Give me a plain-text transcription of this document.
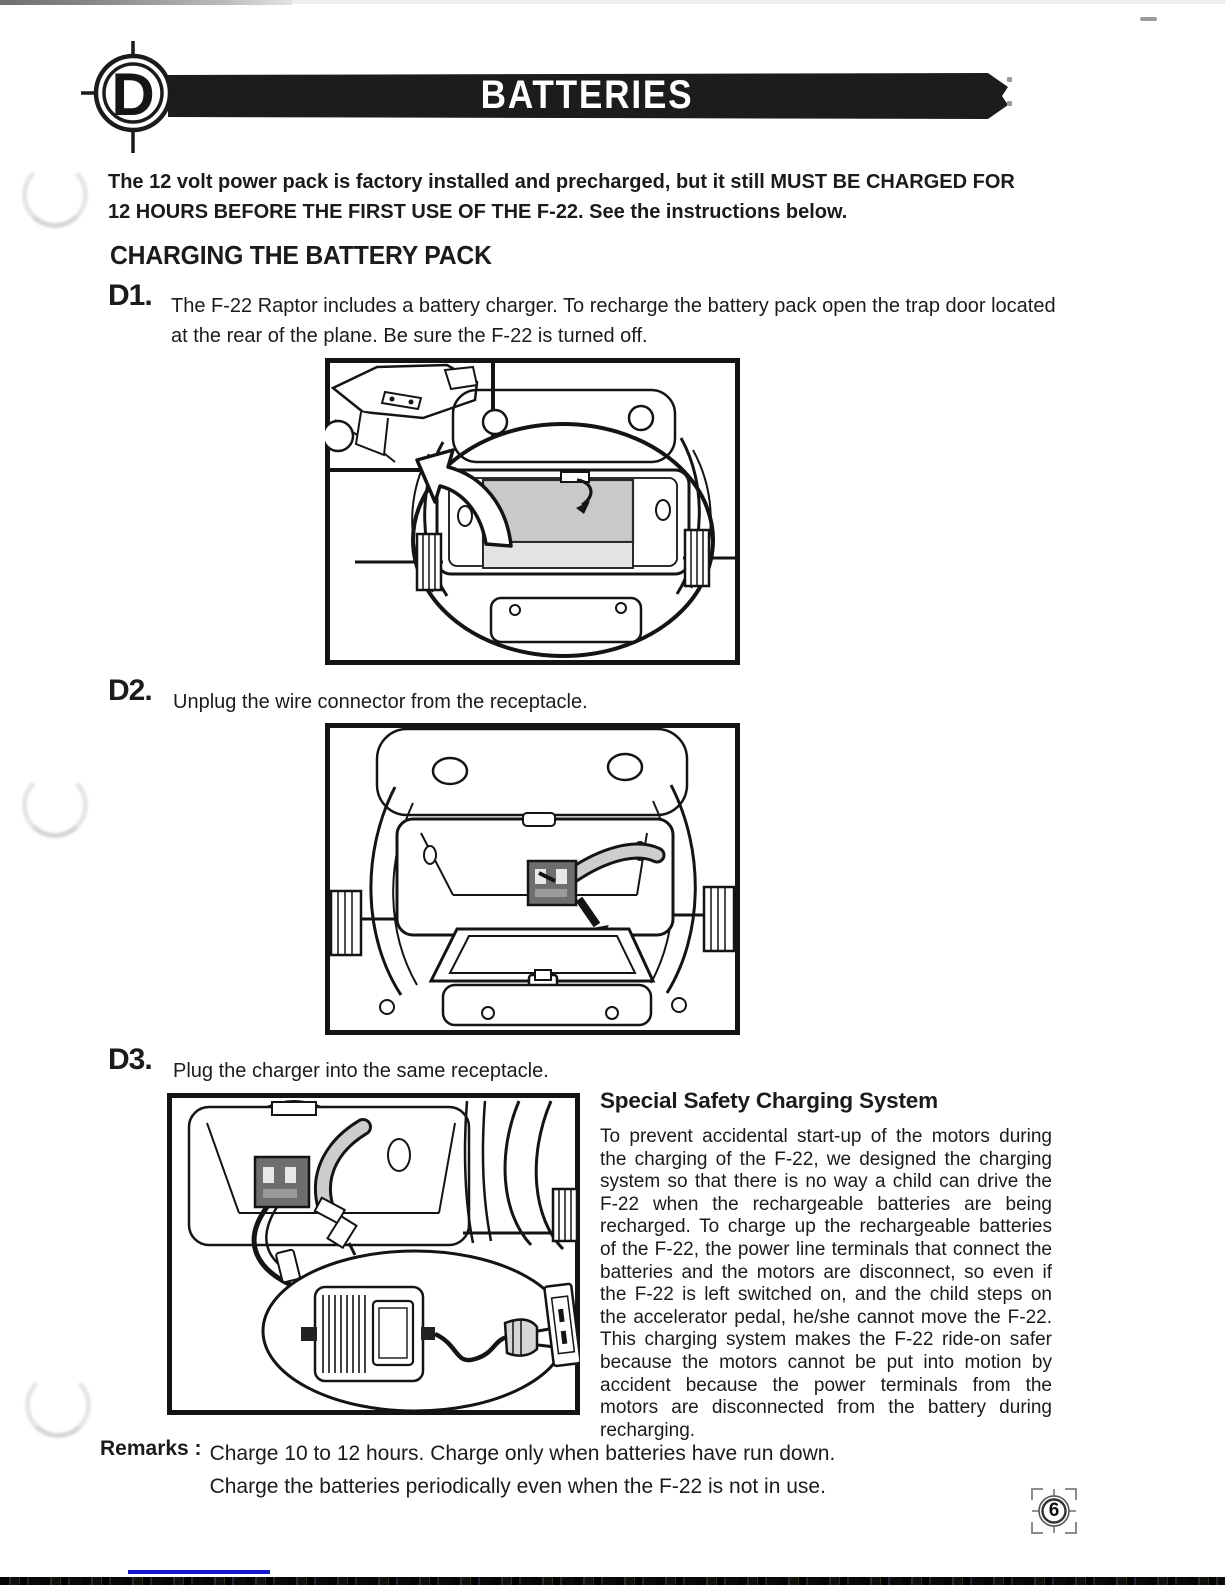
BATTERIES
D
The 12 volt power pack is factory installed and precharged, but it still MUST BE CHARGED FOR 12 HOURS BEFORE THE FIRST USE OF THE F-22. See the instructions below.
CHARGING THE BATTERY PACK
D1. The F-22 Raptor includes a battery charger. To recharge the battery pack open the trap door located at the rear of the plane. Be sure the F-22 is turned off.
D2. Unplug the wire connector from the receptacle.
D3. Plug the charger into the same receptacle.
Special Safety Charging System
To prevent accidental start-up of the motors during the charging of the F-22, we designed the charging system so that there is no way a child can drive the F-22 when the rechargeable batteries are being recharged. To charge up the rechargeable batteries of the F-22, the power line terminals that connect the batteries and the motors are disconnect, so even if the F-22 is left switched on, and the child steps on the accelerator pedal, he/she cannot move the F-22. This charging system makes the F-22 ride-on safer because the motors cannot be put into motion by accident because the power terminals from the motors are disconnected from the battery during recharging.
Remarks : Charge 10 to 12 hours. Charge only when batteries have run down.
Charge the batteries periodically even when the F-22 is not in use.
6
